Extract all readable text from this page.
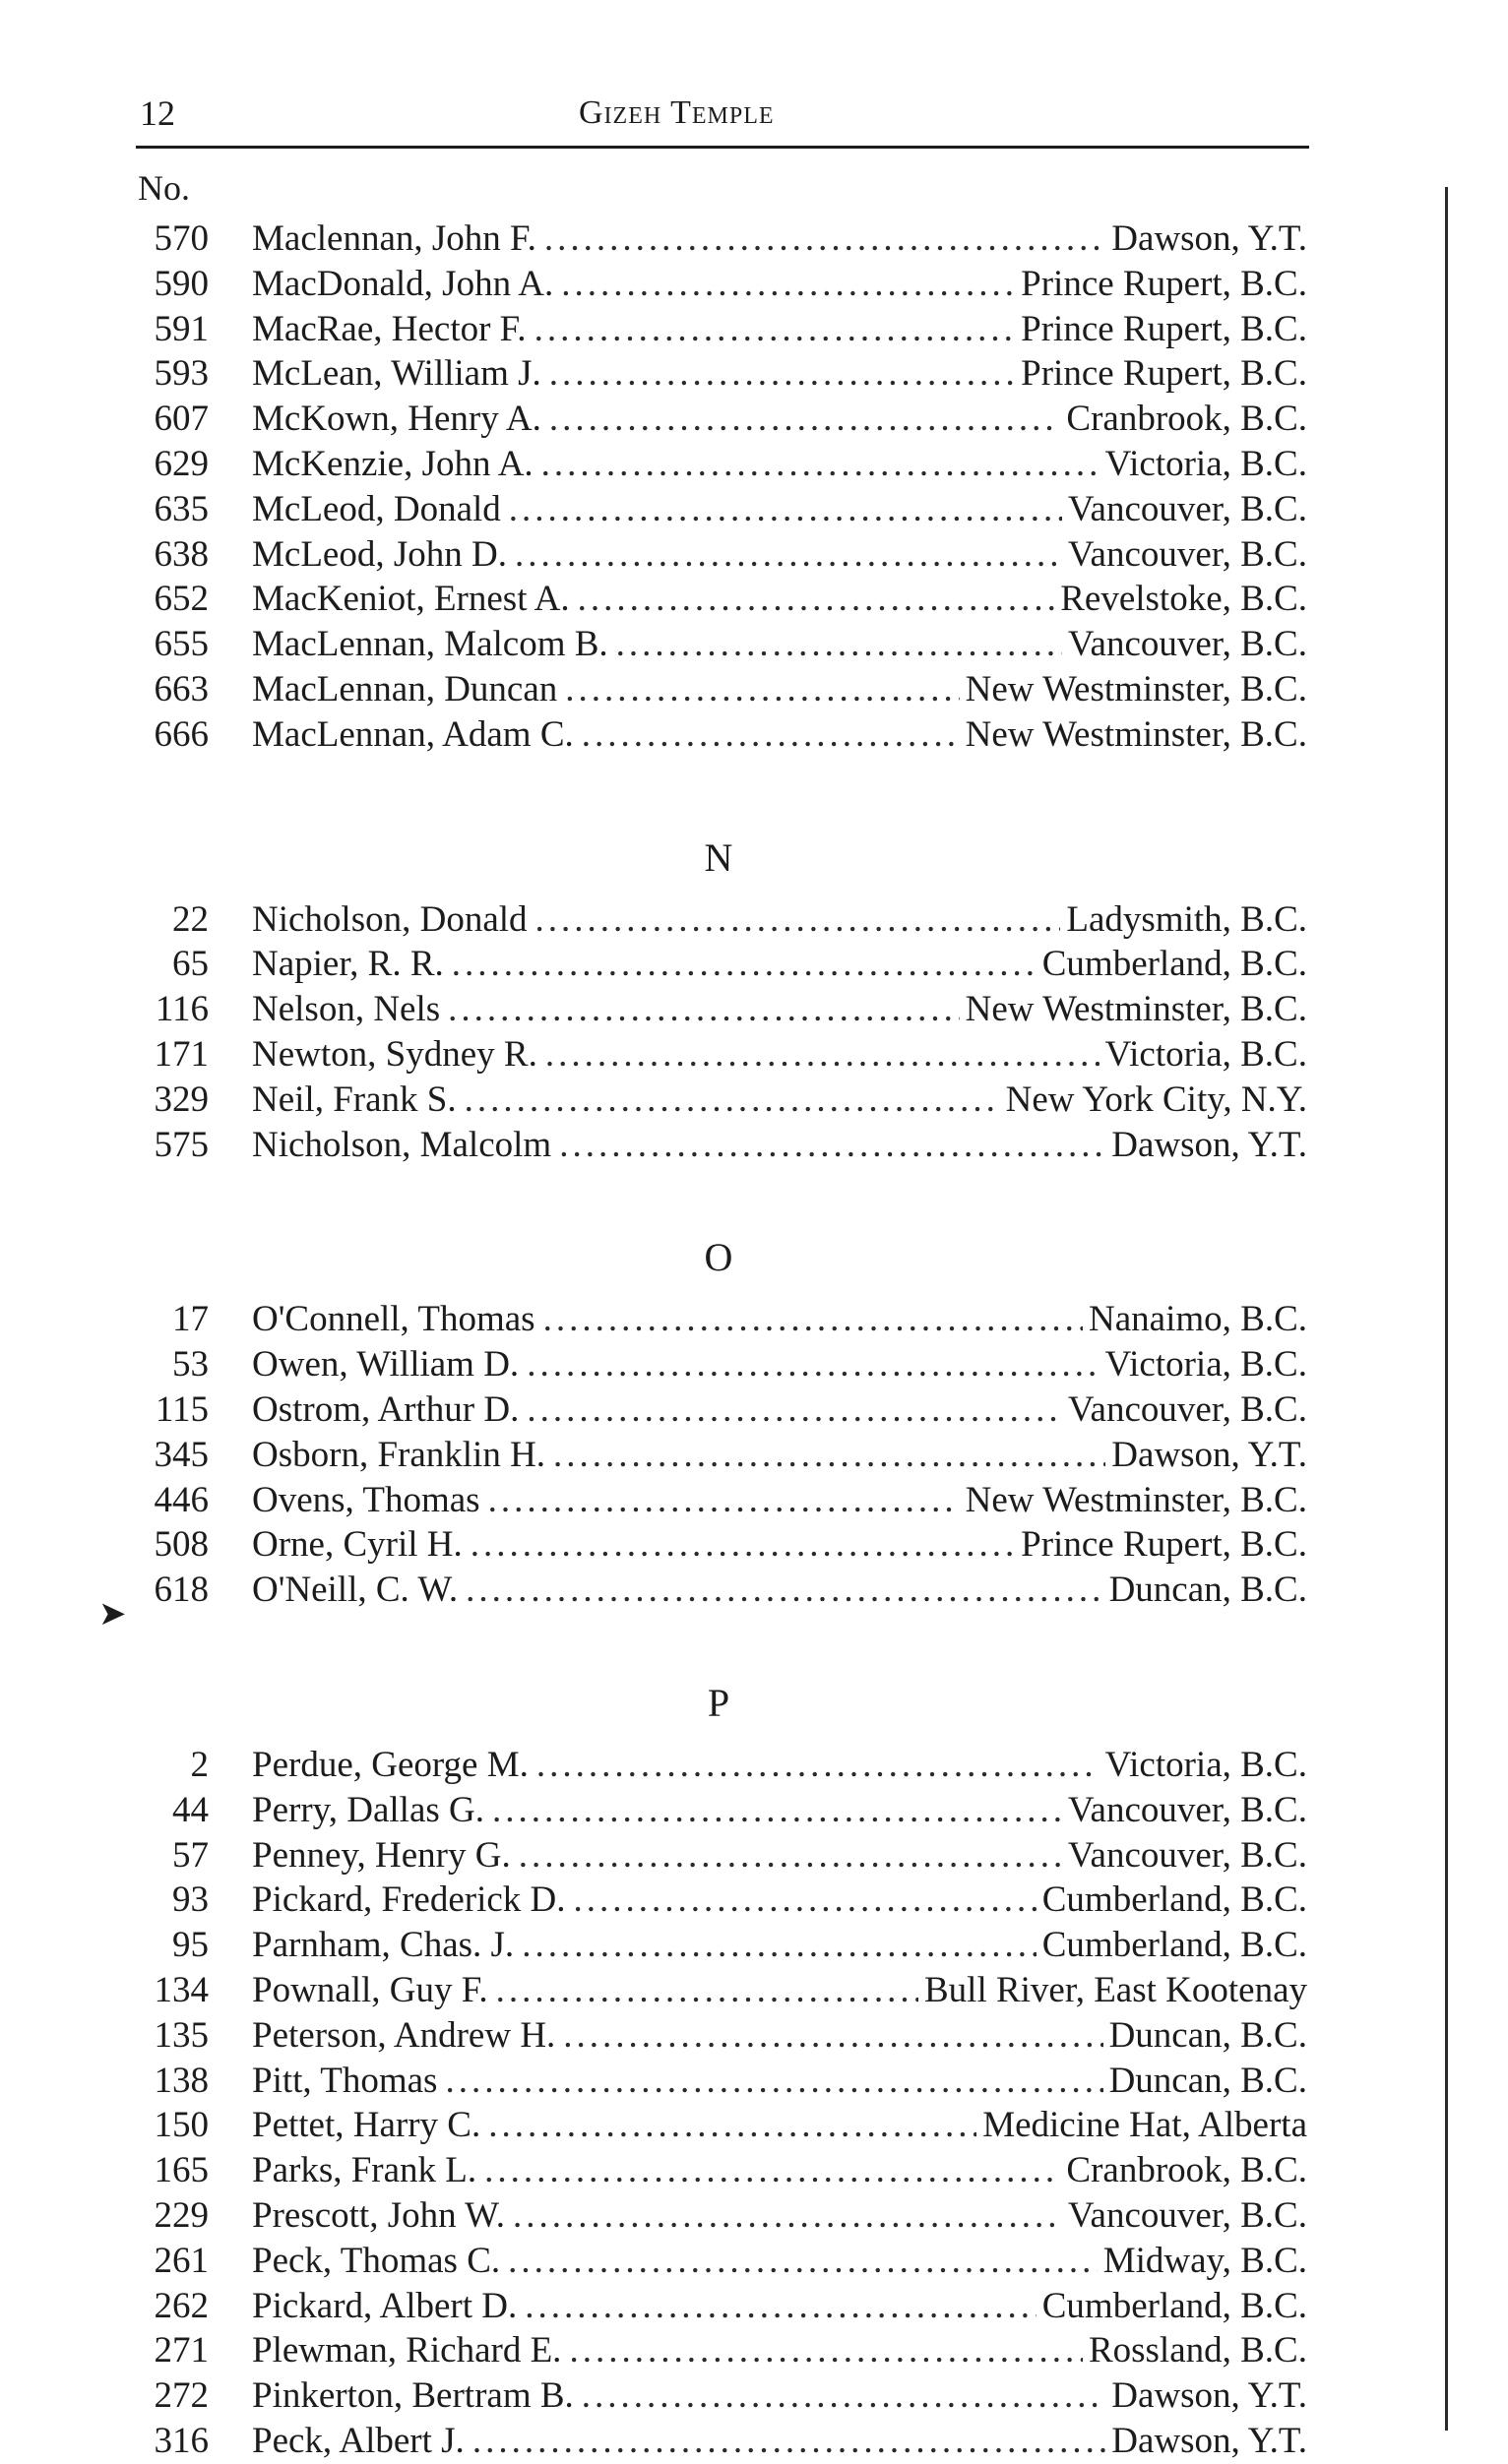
12	Gizeh Temple
No.
570 Maclennan, John F. .....	Dawson, Y.T.
590 MacDonald, John A. .....	Prince Rupert, B.C.
591 MacRae, Hector F. .....	Prince Rupert, B.C.
593 McLean, William J. .....	Prince Rupert, B.C.
607 McKown, Henry A. .....	Cranbrook, B.C.
629 McKenzie, John A. .....	Victoria, B.C.
635 McLeod, Donald .....	Vancouver, B.C.
638 McLeod, John D. .....	Vancouver, B.C.
652 MacKeniot, Ernest A. .....	Revelstoke, B.C.
655 MacLennan, Malcom B. .....	Vancouver, B.C.
663 MacLennan, Duncan .....	New Westminster, B.C.
666 MacLennan, Adam C. .....	New Westminster, B.C.
N
22 Nicholson, Donald .....	Ladysmith, B.C.
65 Napier, R. R. .....	Cumberland, B.C.
116 Nelson, Nels .....	New Westminster, B.C.
171 Newton, Sydney R. .....	Victoria, B.C.
329 Neil, Frank S. .....	New York City, N.Y.
575 Nicholson, Malcolm .....	Dawson, Y.T.
O
17 O'Connell, Thomas .....	Nanaimo, B.C.
53 Owen, William D. .....	Victoria, B.C.
115 Ostrom, Arthur D. .....	Vancouver, B.C.
345 Osborn, Franklin H. .....	Dawson, Y.T.
446 Ovens, Thomas .....	New Westminster, B.C.
508 Orne, Cyril H. .....	Prince Rupert, B.C.
618 O'Neill, C. W. .....	Duncan, B.C.
P
2 Perdue, George M. .....	Victoria, B.C.
44 Perry, Dallas G. .....	Vancouver, B.C.
57 Penney, Henry G. .....	Vancouver, B.C.
93 Pickard, Frederick D. .....	Cumberland, B.C.
95 Parnham, Chas. J. .....	Cumberland, B.C.
134 Pownall, Guy F. .....	Bull River, East Kootenay
135 Peterson, Andrew H. .....	Duncan, B.C.
138 Pitt, Thomas .....	Duncan, B.C.
150 Pettet, Harry C. .....	Medicine Hat, Alberta
165 Parks, Frank L. .....	Cranbrook, B.C.
229 Prescott, John W. .....	Vancouver, B.C.
261 Peck, Thomas C. .....	Midway, B.C.
262 Pickard, Albert D. .....	Cumberland, B.C.
271 Plewman, Richard E. .....	Rossland, B.C.
272 Pinkerton, Bertram B. .....	Dawson, Y.T.
316 Peck, Albert J. .....	Dawson, Y.T.
➤
